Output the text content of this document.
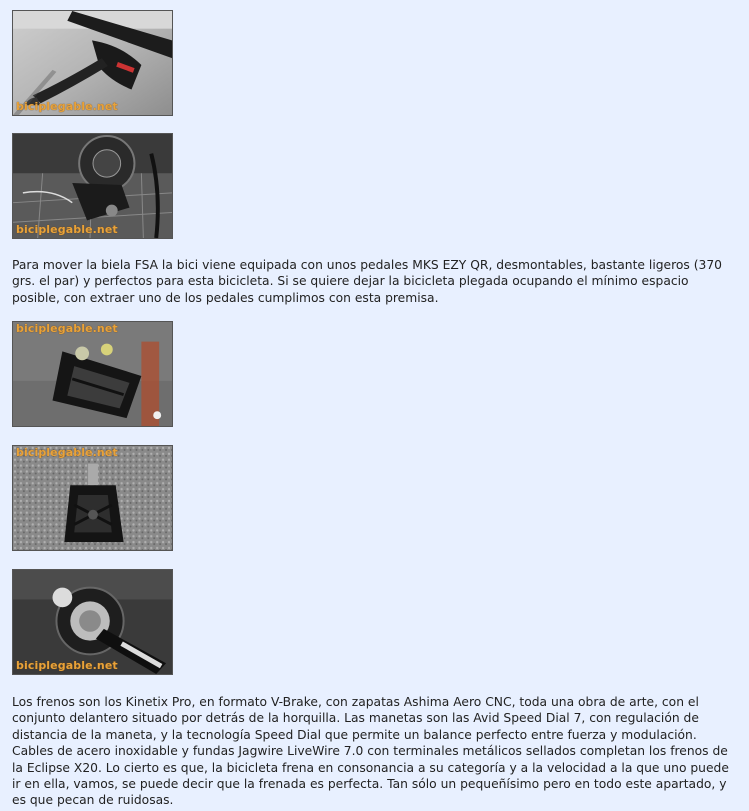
biciplegable.net
biciplegable.net

Para mover la biela FSA la bici viene equipada con unos pedales MKS EZY QR, desmontables, bastante ligeros (370 grs. el par) y perfectos para esta bicicleta. Si se quiere dejar la bicicleta plegada ocupando el mínimo espacio posible, con extraer uno de los pedales cumplimos con esta premisa.

biciplegable.net
biciplegable.net
biciplegable.net

Los frenos son los Kinetix Pro, en formato V-Brake, con zapatas Ashima Aero CNC, toda una obra de arte, con el conjunto delantero situado por detrás de la horquilla. Las manetas son las Avid Speed Dial 7, con regulación de distancia de la maneta, y la tecnología Speed Dial que permite un balance perfecto entre fuerza y modulación. Cables de acero inoxidable y fundas Jagwire LiveWire 7.0 con terminales metálicos sellados completan los frenos de la Eclipse X20. Lo cierto es que, la bicicleta frena en consonancia a su categoría y a la velocidad a la que uno puede ir en ella, vamos, se puede decir que la frenada es perfecta. Tan sólo un pequeñísimo pero en todo este apartado, y es que pecan de ruidosas.
